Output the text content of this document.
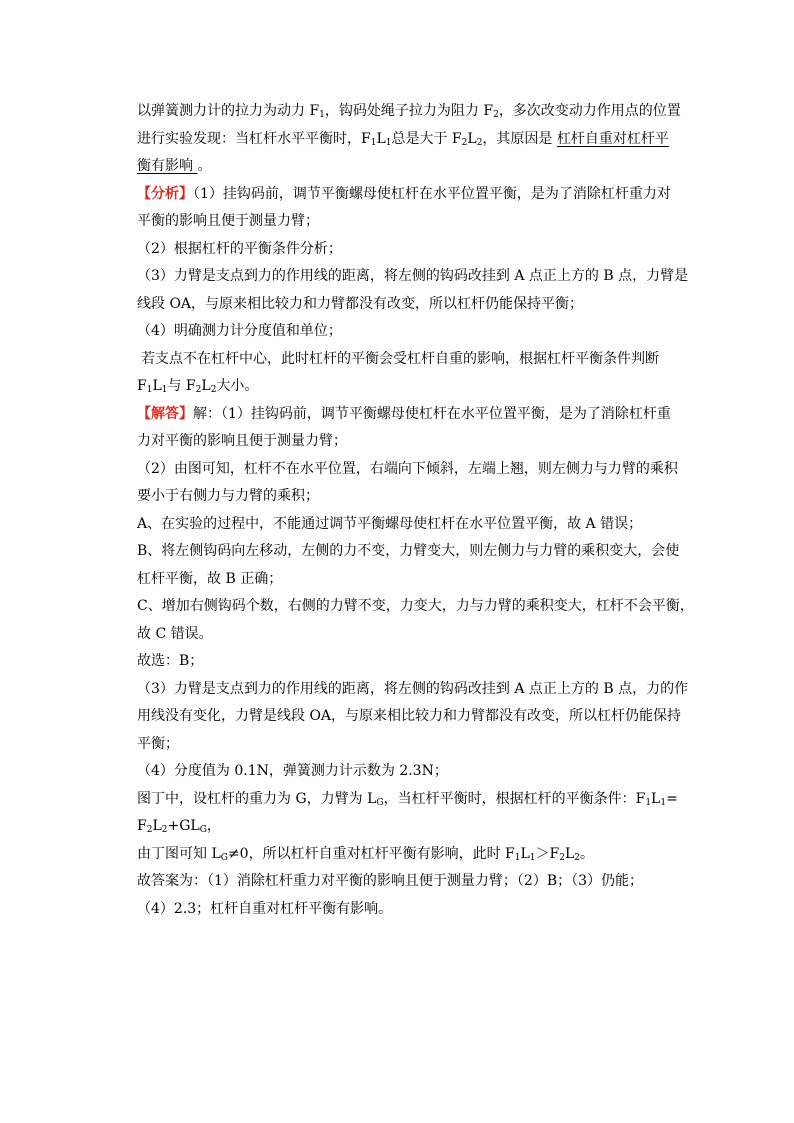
以弹簧测力计的拉力为动力 $F_1$，钩码处绳子拉力为阻力 $F_2$，多次改变动力作用点的位置
进行实验发现：当杠杆水平平衡时，$F_1L_1$总是大于 $F_2L_2$，其原因是 杠杆自重对杠杆平
衡有影响 。
【分析】（1）挂钩码前，调节平衡螺母使杠杆在水平位置平衡，是为了消除杠杆重力对
平衡的影响且便于测量力臂；
（2）根据杠杆的平衡条件分析；
（3）力臂是支点到力的作用线的距离，将左侧的钩码改挂到 A 点正上方的 B 点，力臂是
线段 OA，与原来相比较力和力臂都没有改变，所以杠杆仍能保持平衡；
（4）明确测力计分度值和单位；
若支点不在杠杆中心，此时杠杆的平衡会受杠杆自重的影响，根据杠杆平衡条件判断
$F_1L_1$与 $F_2L_2$大小。
【解答】解：（1）挂钩码前，调节平衡螺母使杠杆在水平位置平衡，是为了消除杠杆重
力对平衡的影响且便于测量力臂；
（2）由图可知，杠杆不在水平位置，右端向下倾斜，左端上翘，则左侧力与力臂的乘积
要小于右侧力与力臂的乘积；
A、在实验的过程中，不能通过调节平衡螺母使杠杆在水平位置平衡，故 A 错误；
B、将左侧钩码向左移动，左侧的力不变，力臂变大，则左侧力与力臂的乘积变大，会使
杠杆平衡，故 B 正确；
C、增加右侧钩码个数，右侧的力臂不变，力变大，力与力臂的乘积变大，杠杆不会平衡，
故 C 错误。
故选：B；
（3）力臂是支点到力的作用线的距离，将左侧的钩码改挂到 A 点正上方的 B 点，力的作
用线没有变化，力臂是线段 OA，与原来相比较力和力臂都没有改变，所以杠杆仍能保持
平衡；
（4）分度值为 0.1N，弹簧测力计示数为 2.3N；
图丁中，设杠杆的重力为 G，力臂为 $L_G$，当杠杆平衡时，根据杠杆的平衡条件：$F_1L_1=$
$F_2L_2+GL_G$，
由丁图可知 $L_G\ne 0$，所以杠杆自重对杠杆平衡有影响，此时 $F_1L_1>F_2L_2$。
故答案为：（1）消除杠杆重力对平衡的影响且便于测量力臂；（2）B；（3）仍能；
（4）2.3；杠杆自重对杠杆平衡有影响。
